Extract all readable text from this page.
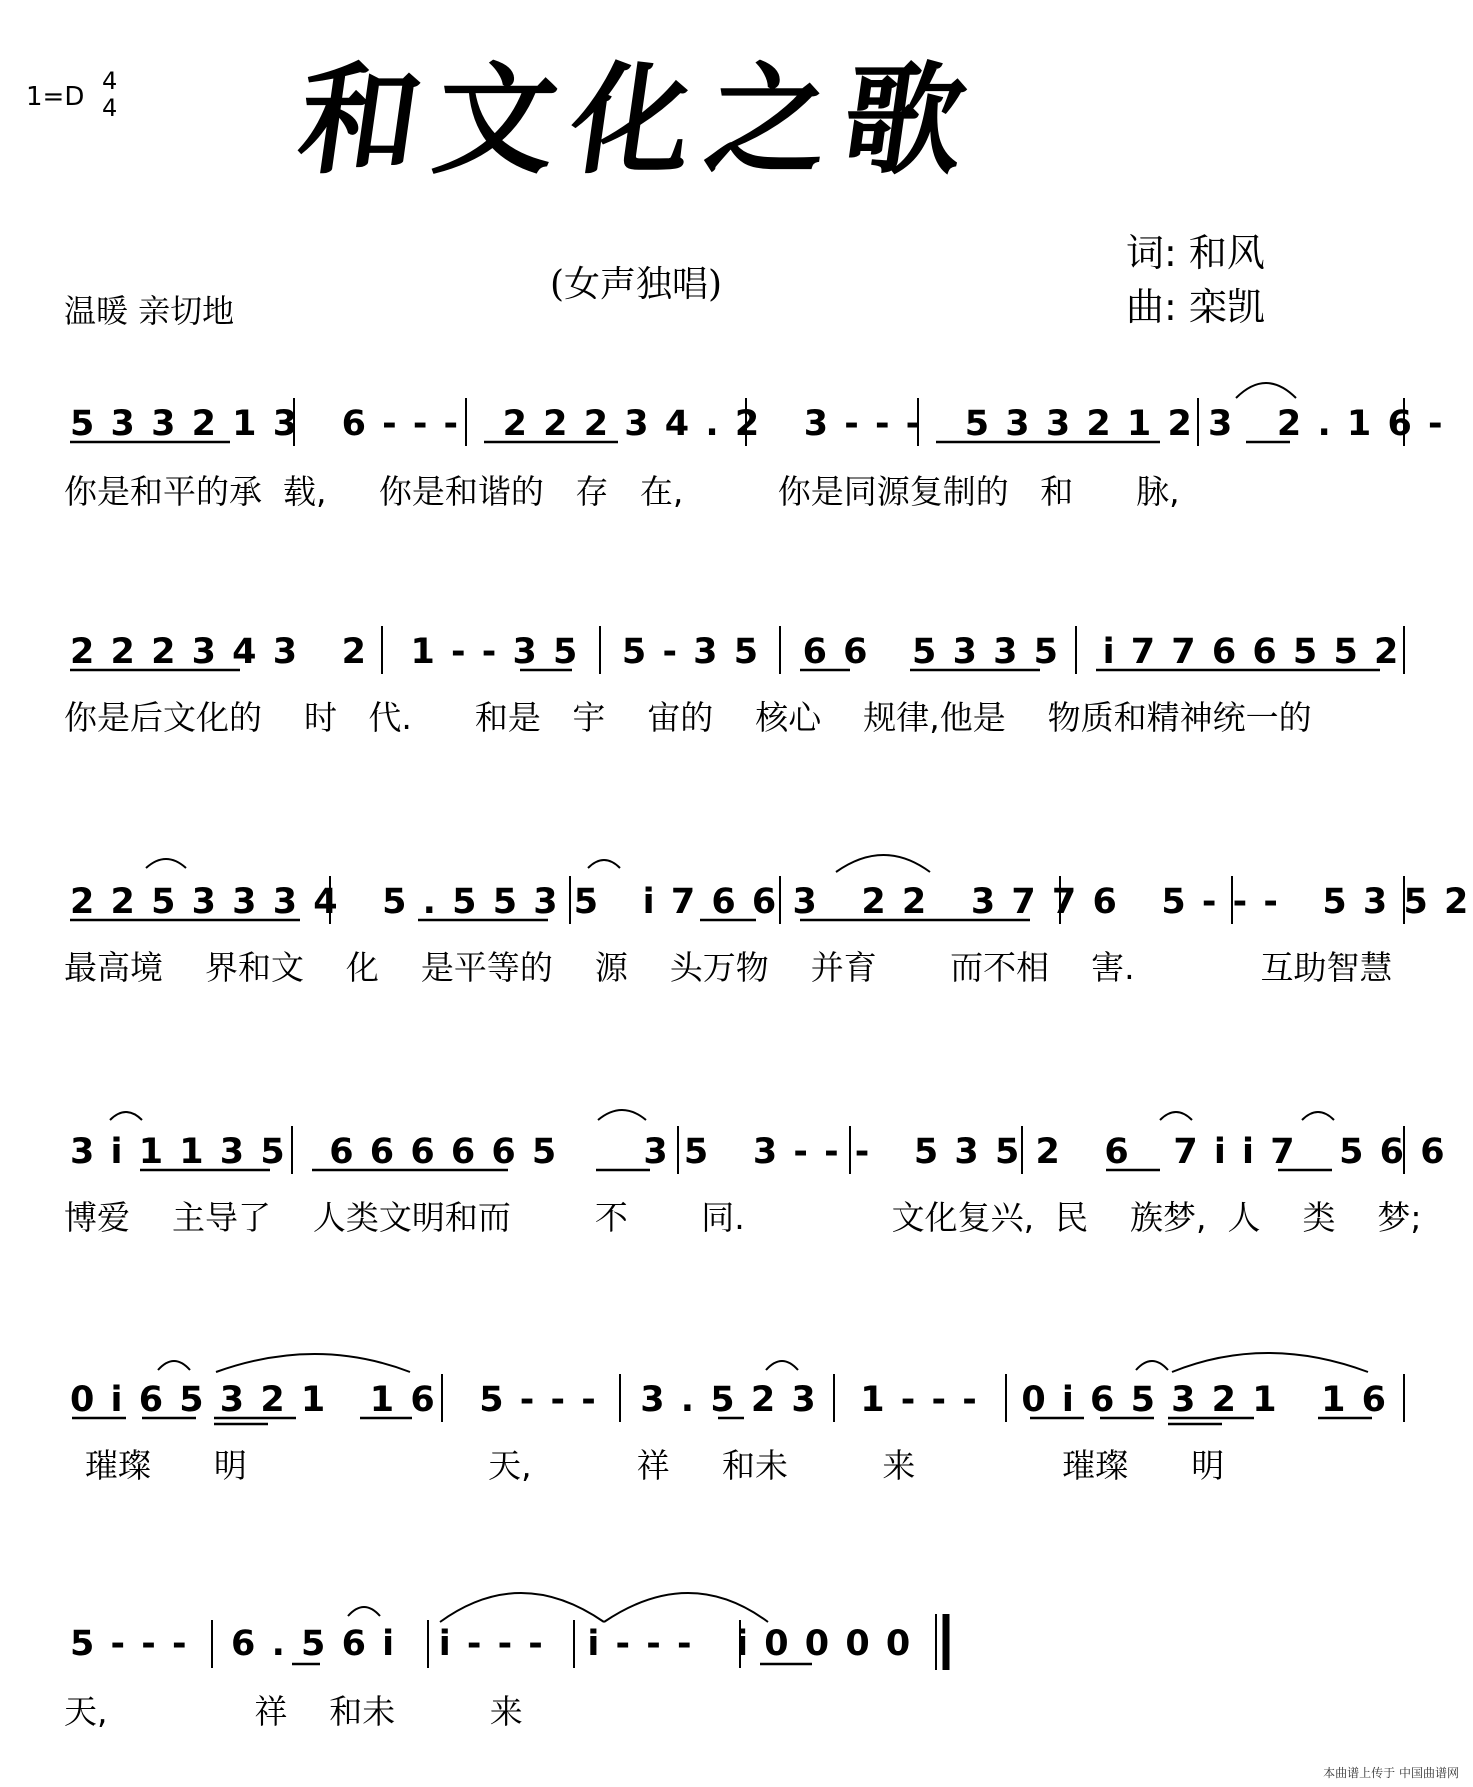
1=D
4
4 和文化之歌
(女声独唱)
温暖 亲切地
词: 和风
曲: 栾凯
5 3 3 2 1 3   6 - - -   2 2 2 3 4 . 2   3 - - -   5 3 3 2 1 2 3   2 . 1 6 -
你是和平的承  载,     你是和谐的   存   在,         你是同源复制的   和      脉,
2 2 2 3 4 3   2   1 - - 3 5   5 - 3 5   6 6   5 3 3 5   i 7 7 6 6 5 5 2
你是后文化的    时   代.      和是   宇    宙的    核心    规律,他是    物质和精神统一的
2 2 5 3 3 3 4   5 . 5 5 3 5   i 7 6 6 3   2 2   3 7 7 6   5 - - -   5 3 5 2
最高境    界和文    化    是平等的    源    头万物    并育       而不相    害.            互助智慧
3 i 1 1 3 5   6 6 6 6 6 5      3 5   3 - - -   5 3 5 2   6   7 i i 7   5 6 6
博爱    主导了    人类文明和而        不       同.              文化复兴,  民    族梦,  人    类    梦;
0 i 6 5 3 2 1   1 6   5 - - -   3 . 5 2 3   1 - - -   0 i 6 5 3 2 1   1 6
璀璨      明                       天,          祥     和未         来              璀璨      明
5 - - -   6 . 5 6 i   i - - -   i - - -   i 0 0 0 0
天,              祥    和未         来
本曲谱上传于 中国曲谱网
